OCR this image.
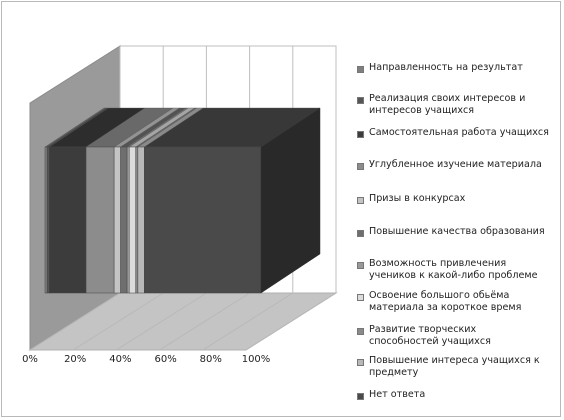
0%	20% 40% 60% 80% 100%
Направленность на результат
Реализация своих интересов и
интересов учащихся
Самостоятельная работа учащихся
Углубленное изучение материала
Призы в конкурсах
Повышение качества образования
Возможность привлечения
учеников к какой-либо проблеме
Освоение большого обьёма
материала за короткое время
Развитие творческих
способностей учащихся
Повышение интереса учащихся к
предмету
Нет ответа
